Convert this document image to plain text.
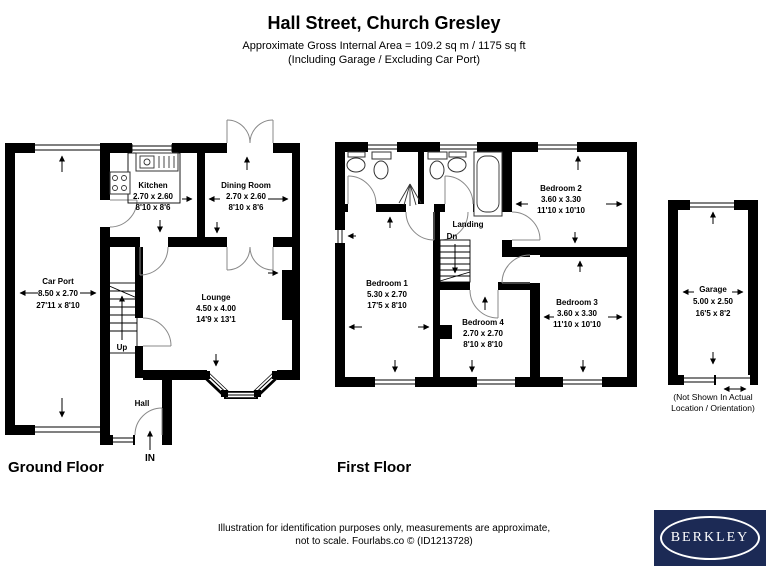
Hall Street, Church Gresley
Approximate Gross Internal Area = 109.2 sq m / 1175 sq ft
(Including Garage / Excluding Car Port)
Car Port
8.50 x 2.70
27'11 x 8'10
Kitchen
2.70 x 2.60
8'10 x 8'6
Dining Room
2.70 x 2.60
8'10 x 8'6
Lounge
4.50 x 4.00
14'9 x 13'1
Hall
Up
IN
Bedroom 1
5.30 x 2.70
17'5 x 8'10
Bedroom 2
3.60 x 3.30
11'10 x 10'10
Bedroom 3
3.60 x 3.30
11'10 x 10'10
Bedroom 4
2.70 x 2.70
8'10 x 8'10
Landing
Dn
Garage
5.00 x 2.50
16'5 x 8'2
(Not Shown In Actual
Location / Orientation)
Ground Floor	First Floor
Illustration for identification purposes only, measurements are approximate,
not to scale. Fourlabs.co © (ID1213728)	BERKLEY
